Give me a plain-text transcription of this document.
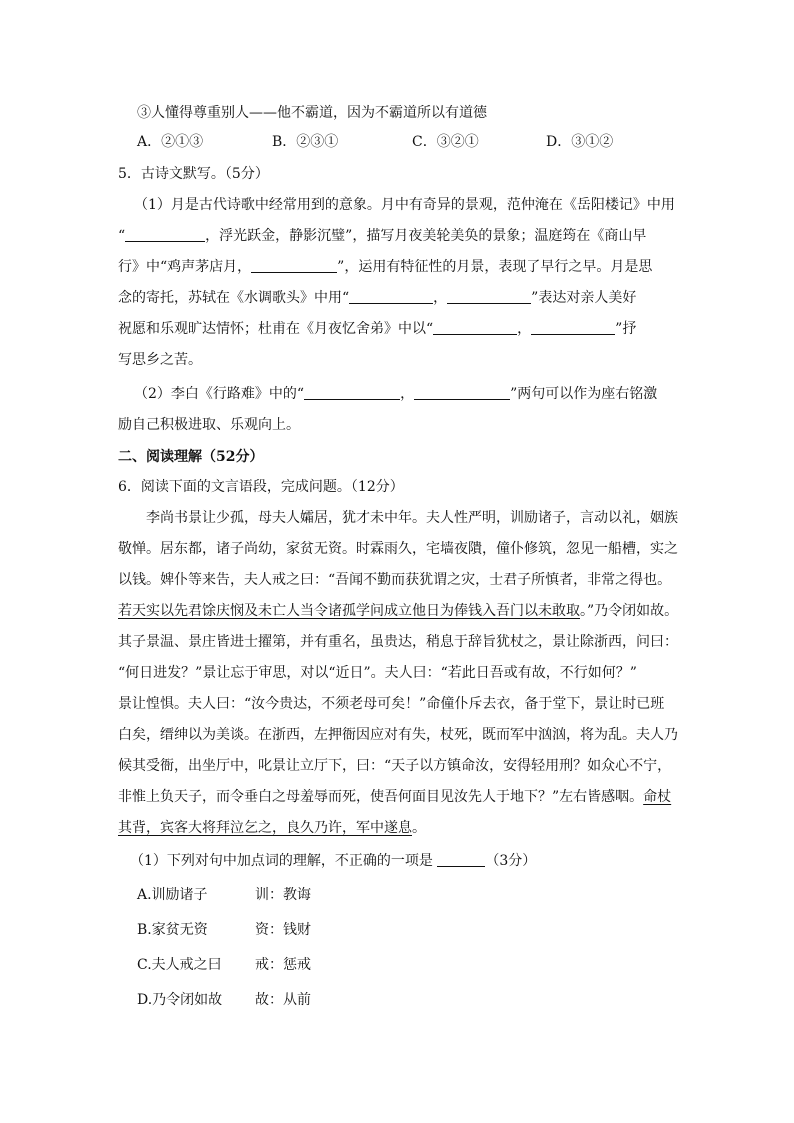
③人懂得尊重别人——他不霸道，因为不霸道所以有道德
A．②①③	B．②③①	C．③②①	D．③①②
5．古诗文默写。（5分）
（1）月是古代诗歌中经常用到的意象。月中有奇异的景观，范仲淹在《岳阳楼记》中用
“	，浮光跃金，静影沉璧”，描写月夜美轮美奂的景象；温庭筠在《商山早
行》中“鸡声茅店月，	”，运用有特征性的月景，表现了早行之早。月是思
念的寄托，苏轼在《水调歌头》中用“	，	”表达对亲人美好
祝愿和乐观旷达情怀；杜甫在《月夜忆舍弟》中以“	，	”抒
写思乡之苦。
（2）李白《行路难》中的“	，	”两句可以作为座右铭激
励自己积极进取、乐观向上。
二、阅读理解（52分）
6．阅读下面的文言语段，完成问题。（12分）
李尚书景让少孤，母夫人孀居，犹才未中年。夫人性严明，训励诸子，言动以礼，姻族
敬惮。居东都，诸子尚幼，家贫无资。时霖雨久，宅墙夜隤，僮仆修筑，忽见一船槽，实之
以钱。婢仆等来告，夫人戒之曰：“吾闻不勤而获犹谓之灾，士君子所慎者，非常之得也。
若天实以先君馀庆悯及未亡人当令诸孤学问成立他日为俸钱入吾门以未敢取。”乃令闭如故。
其子景温、景庄皆进士擢第，并有重名，虽贵达，稍息于辞旨犹杖之，景让除浙西，问曰：
“何日进发？”景让忘于审思，对以“近日”。夫人曰：“若此日吾或有故，不行如何？”
景让惶惧。夫人曰：“汝今贵达，不须老母可矣！”命僮仆斥去衣，备于堂下，景让时已班
白矣，缙绅以为美谈。在浙西，左押衙因应对有失，杖死，既而军中汹汹，将为乱。夫人乃
候其受衙，出坐厅中，叱景让立厅下，曰：“天子以方镇命汝，安得轻用刑？如众心不宁，
非惟上负天子，而令垂白之母羞辱而死，使吾何面目见汝先人于地下？”左右皆感咽。命杖
其背，宾客大将拜泣乞之，良久乃许，军中遂息。
（1）下列对句中加点词的理解，不正确的一项是	（3分）
A.训励诸子	训：教诲
B.家贫无资	资：钱财
C.夫人戒之曰 戒：惩戒
D.乃令闭如故 故：从前
